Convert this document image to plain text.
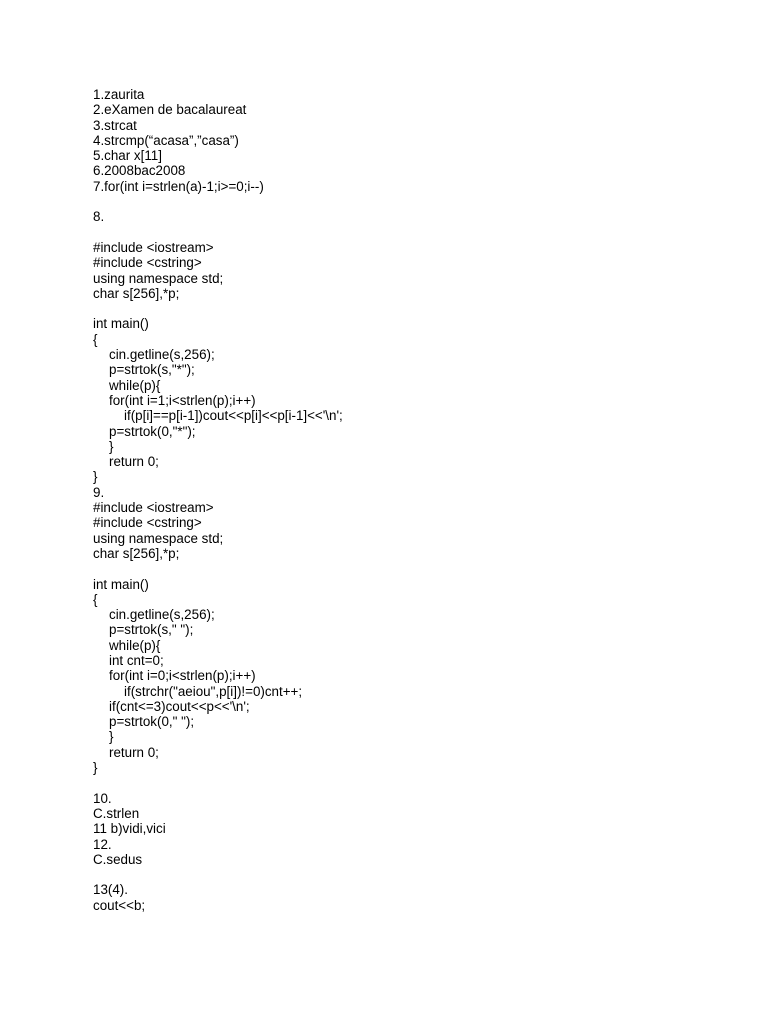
1.zaurita
2.eXamen de bacalaureat
3.strcat
4.strcmp(“acasa”,”casa”)
5.char x[11]
6.2008bac2008
7.for(int i=strlen(a)-1;i>=0;i--)
8.
#include <iostream>
#include <cstring>
using namespace std;
char s[256],*p;
int main()
{
cin.getline(s,256);
p=strtok(s,"*");
while(p){
for(int i=1;i<strlen(p);i++)
if(p[i]==p[i-1])cout<<p[i]<<p[i-1]<<'\n';
p=strtok(0,"*");
}
return 0;
}
9.
#include <iostream>
#include <cstring>
using namespace std;
char s[256],*p;
int main()
{
cin.getline(s,256);
p=strtok(s," ");
while(p){
int cnt=0;
for(int i=0;i<strlen(p);i++)
if(strchr("aeiou",p[i])!=0)cnt++;
if(cnt<=3)cout<<p<<'\n';
p=strtok(0," ");
}
return 0;
}
10.
C.strlen
11 b)vidi,vici
12.
C.sedus
13(4).
cout<<b;
